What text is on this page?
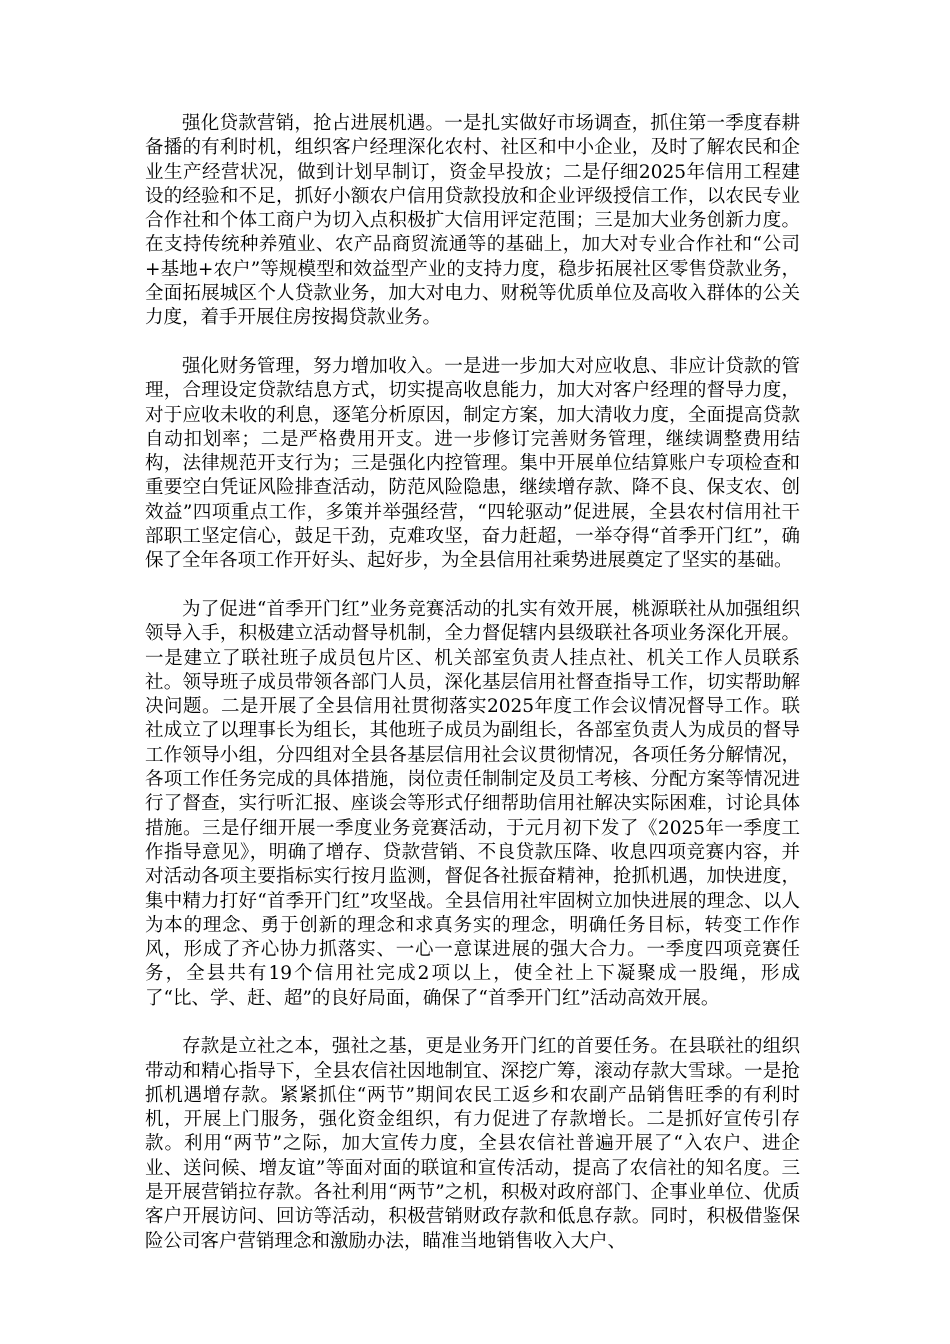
强化贷款营销，抢占进展机遇。一是扎实做好市场调查，抓住第一季度春耕备播的有利时机，组织客户经理深化农村、社区和中小企业，及时了解农民和企业生产经营状况，做到计划早制订，资金早投放；二是仔细2025年信用工程建设的经验和不足，抓好小额农户信用贷款投放和企业评级授信工作，以农民专业合作社和个体工商户为切入点积极扩大信用评定范围；三是加大业务创新力度。在支持传统种养殖业、农产品商贸流通等的基础上，加大对专业合作社和“公司+基地+农户”等规模型和效益型产业的支持力度，稳步拓展社区零售贷款业务，全面拓展城区个人贷款业务，加大对电力、财税等优质单位及高收入群体的公关力度，着手开展住房按揭贷款业务。

强化财务管理，努力增加收入。一是进一步加大对应收息、非应计贷款的管理，合理设定贷款结息方式，切实提高收息能力，加大对客户经理的督导力度，对于应收未收的利息，逐笔分析原因，制定方案，加大清收力度，全面提高贷款自动扣划率；二是严格费用开支。进一步修订完善财务管理，继续调整费用结构，法律规范开支行为；三是强化内控管理。集中开展单位结算账户专项检查和重要空白凭证风险排查活动，防范风险隐患，继续增存款、降不良、保支农、创效益”四项重点工作，多策并举强经营，“四轮驱动”促进展，全县农村信用社干部职工坚定信心，鼓足干劲，克难攻坚，奋力赶超，一举夺得“首季开门红”，确保了全年各项工作开好头、起好步，为全县信用社乘势进展奠定了坚实的基础。

为了促进“首季开门红”业务竞赛活动的扎实有效开展，桃源联社从加强组织领导入手，积极建立活动督导机制，全力督促辖内县级联社各项业务深化开展。一是建立了联社班子成员包片区、机关部室负责人挂点社、机关工作人员联系社。领导班子成员带领各部门人员，深化基层信用社督查指导工作，切实帮助解决问题。二是开展了全县信用社贯彻落实2025年度工作会议情况督导工作。联社成立了以理事长为组长，其他班子成员为副组长，各部室负责人为成员的督导工作领导小组，分四组对全县各基层信用社会议贯彻情况，各项任务分解情况，各项工作任务完成的具体措施，岗位责任制制定及员工考核、分配方案等情况进行了督查，实行听汇报、座谈会等形式仔细帮助信用社解决实际困难，讨论具体措施。三是仔细开展一季度业务竞赛活动，于元月初下发了《2025年一季度工作指导意见》，明确了增存、贷款营销、不良贷款压降、收息四项竞赛内容，并对活动各项主要指标实行按月监测，督促各社振奋精神，抢抓机遇，加快进度，集中精力打好“首季开门红”攻坚战。全县信用社牢固树立加快进展的理念、以人为本的理念、勇于创新的理念和求真务实的理念，明确任务目标，转变工作作风，形成了齐心协力抓落实、一心一意谋进展的强大合力。一季度四项竞赛任务，全县共有19个信用社完成2项以上，使全社上下凝聚成一股绳，形成了“比、学、赶、超”的良好局面，确保了“首季开门红”活动高效开展。

存款是立社之本，强社之基，更是业务开门红的首要任务。在县联社的组织带动和精心指导下，全县农信社因地制宜、深挖广筹，滚动存款大雪球。一是抢抓机遇增存款。紧紧抓住“两节”期间农民工返乡和农副产品销售旺季的有利时机，开展上门服务，强化资金组织，有力促进了存款增长。二是抓好宣传引存款。利用“两节”之际，加大宣传力度，全县农信社普遍开展了“入农户、进企业、送问候、增友谊”等面对面的联谊和宣传活动，提高了农信社的知名度。三是开展营销拉存款。各社利用“两节”之机，积极对政府部门、企事业单位、优质客户开展访问、回访等活动，积极营销财政存款和低息存款。同时，积极借鉴保险公司客户营销理念和激励办法，瞄准当地销售收入大户、
